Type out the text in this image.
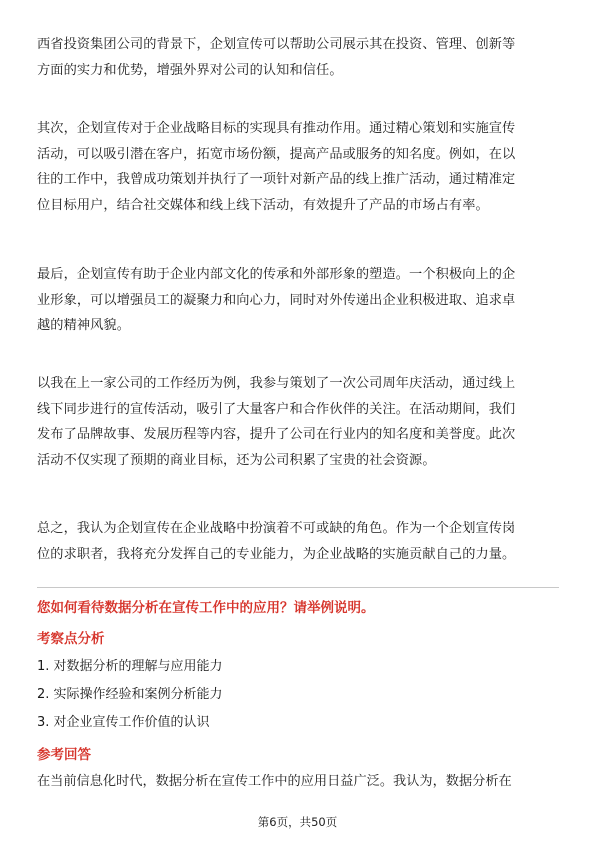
西省投资集团公司的背景下，企划宣传可以帮助公司展示其在投资、管理、创新等
方面的实力和优势，增强外界对公司的认知和信任。
其次，企划宣传对于企业战略目标的实现具有推动作用。通过精心策划和实施宣传
活动，可以吸引潜在客户，拓宽市场份额，提高产品或服务的知名度。例如，在以
往的工作中，我曾成功策划并执行了一项针对新产品的线上推广活动，通过精准定
位目标用户，结合社交媒体和线上线下活动，有效提升了产品的市场占有率。
最后，企划宣传有助于企业内部文化的传承和外部形象的塑造。一个积极向上的企
业形象，可以增强员工的凝聚力和向心力，同时对外传递出企业积极进取、追求卓
越的精神风貌。
以我在上一家公司的工作经历为例，我参与策划了一次公司周年庆活动，通过线上
线下同步进行的宣传活动，吸引了大量客户和合作伙伴的关注。在活动期间，我们
发布了品牌故事、发展历程等内容，提升了公司在行业内的知名度和美誉度。此次
活动不仅实现了预期的商业目标，还为公司积累了宝贵的社会资源。
总之，我认为企划宣传在企业战略中扮演着不可或缺的角色。作为一个企划宣传岗
位的求职者，我将充分发挥自己的专业能力，为企业战略的实施贡献自己的力量。
您如何看待数据分析在宣传工作中的应用？请举例说明。
考察点分析
1. 对数据分析的理解与应用能力
2. 实际操作经验和案例分析能力
3. 对企业宣传工作价值的认识
参考回答
在当前信息化时代，数据分析在宣传工作中的应用日益广泛。我认为，数据分析在
第6页，共50页
